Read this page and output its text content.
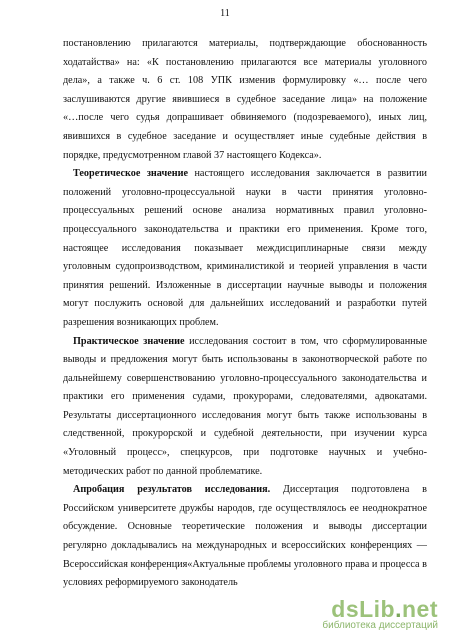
11
постановлению прилагаются материалы, подтверждающие обоснованность
ходатайства» на: «К постановлению прилагаются все материалы уголовного
дела», а также ч. 6 ст. 108 УПК изменив формулировку «… после чего
заслушиваются другие явившиеся в судебное заседание лица» на положение
«…после чего судья допрашивает обвиняемого (подозреваемого), иных лиц,
явившихся в судебное заседание и осуществляет иные судебные действия в
порядке, предусмотренном главой 37 настоящего Кодекса».
Теоретическое значение настоящего исследования заключается в развитии
положений уголовно-процессуальной науки в части принятия уголовно-
процессуальных решений основе анализа нормативных правил уголовно-
процессуального законодательства и практики его применения. Кроме того,
настоящее исследования показывает междисциплинарные связи между
уголовным судопроизводством, криминалистикой и теорией управления в части
принятия решений. Изложенные в диссертации научные выводы и положения
могут послужить основой для дальнейших исследований и разработки путей
разрешения возникающих проблем.
Практическое значение исследования состоит в том, что сформулированные
выводы и предложения могут быть использованы в законотворческой работе по
дальнейшему совершенствованию уголовно-процессуального законодательства и
практики его применения судами, прокурорами, следователями, адвокатами.
Результаты диссертационного исследования могут быть также использованы в
следственной, прокурорской и судебной деятельности, при изучении курса
«Уголовный процесс», спецкурсов, при подготовке научных и учебно-
методических работ по данной проблематике.
Апробация результатов исследования. Диссертация подготовлена в
Российском университете дружбы народов, где осуществлялось ее неоднократное
обсуждение. Основные теоретические положения и выводы диссертации
регулярно докладывались на международных и всероссийских конференциях —
Всероссийская конференция«Актуальные проблемы уголовного права и процесса в
условиях реформируемого законодатель
dsLib.net
библиотека диссертаций
